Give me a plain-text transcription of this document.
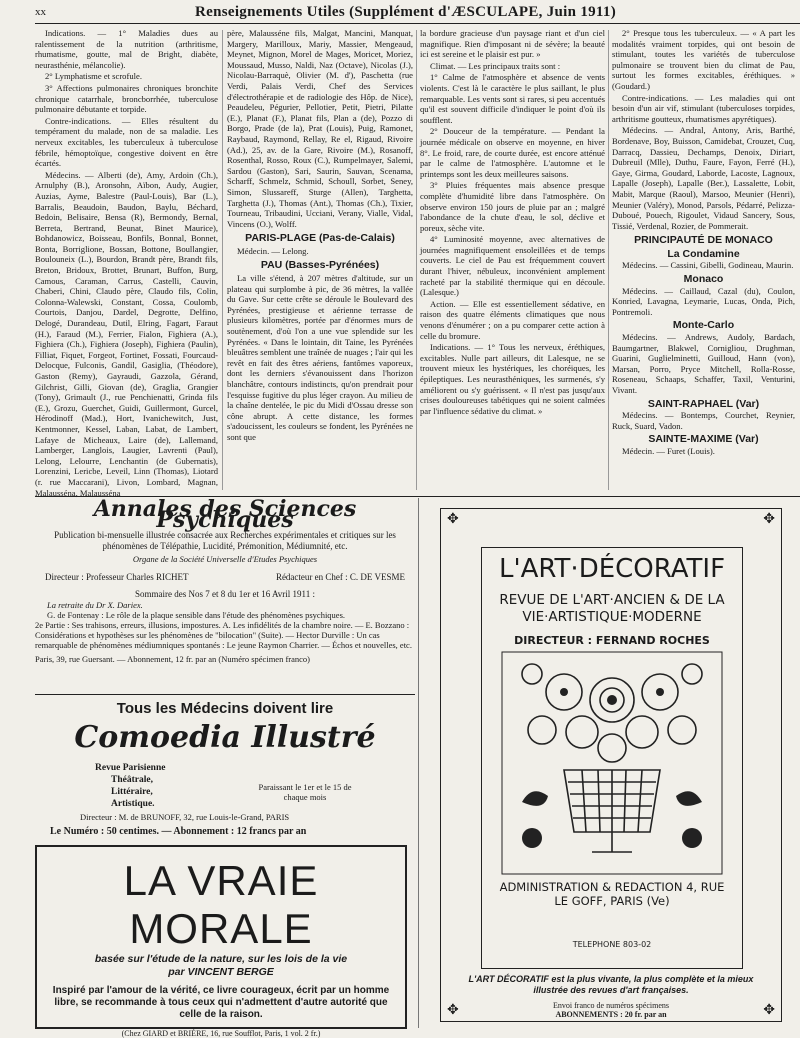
xx	Renseignements Utiles (Supplément d'ÆSCULAPE, Juin 1911)

Indications. — 1° Maladies dues au ralentissement de la nutrition (arthritisme, rhumatisme, goutte, mal de Bright, diabète, neurasthénie, mélancolie).

2° Lymphatisme et scrofule.

3° Affections pulmonaires chroniques bronchite chronique catarrhale, broncborrhée, tuberculose pulmonaire débutante et torpide.

Contre-indications. — Elles résultent du tempérament du malade, non de sa maladie. Les nerveux excitables, les tuberculeux à tuberculose fébrile, hémoptoïque, congestive doivent en être écartés.

Médecins. — Alberti (de), Amy, Ardoin (Ch.), Arnulphy (B.), Aronsohn, Aïbon, Audy, Augier, Auzias, Ayme, Balestre (Paul-Louis), Bar (L.), Barralis, Beaudoin, Baudon, Baylu, Béchard, Bedoin, Belisaire, Bensa (R), Bermondy, Bernal, Berreta, Bertrand, Beunat, Binet Maurice), Bohdanowicz, Boisseau, Bonfils, Bonnal, Bonnet, Bonta, Borriglione, Bossan, Bottone, Boullangier, Boulouneix (L.), Bourdon, Brandt père, Brandt fils, Breton, Bridoux, Brottet, Brunart, Buffon, Burg, Camous, Caraman, Carrus, Castelli, Cauvin, Chaberi, Chini, Claudo père, Claudo fils, Colin, Colonna-Walewski, Constant, Cossa, Coulomb, Courtois, Danjou, Dardel, Degrotte, Delfino, Delogé, Durandeau, Dutil, Elring, Fagart, Faraut (H.), Faraud (M.), Ferrier, Fialon, Fighiera (A.), Fighiera (Ch.), Fighiera (Joseph), Fighiera (Paulin), Filliat, Fiquet, Forgeot, Fortinet, Fossati, Fourcaud-Delocque, Fulconis, Gandil, Gasiglia, (Théodore), Gaston (Remy), Gayraudi, Gazzola, Gérand, Gilchrist, Gilli, Giovan (de), Graglia, Grangier (Tony), Grimault (J., rue Penchienatti, Grinda fils (E.), Grozu, Guerchet, Guidi, Guillermont, Gurcel, Hérodinoff (Mad.), Hort, Ivanichewitch, Just, Kentmonner, Kessel, Laban, Labat, de Lambert, Lafaye de Micheaux, Laire (de), Lallemand, Lamberger, Langlois, Laugier, Lavrenti (Paul), Lelong, Lelourre, Lenchantin (de Gubernatis), Lorenzini, Lericbe, Leveil, Linn (Thomas), Liotard (r. rue Maccarani), Livon, Lombard, Magnan, Malausséna, Malausséna

père, Malausséne fils, Malgat, Mancini, Manquat, Margery, Marilloux, Mariy, Massier, Mengeaud, Meynet, Mignon, Morel de Mages, Moricet, Moriez, Moussaud, Musso, Naldi, Naz (Octave), Nicolas (J.), Nicolau-Barraquè, Olivier (M. d'), Paschetta (rue Verdi, Palais Verdi, Chef des Services d'électrothérapie et de radiologie des Hôp. de Nice), Peaudeleu, Pégurier, Pellotier, Petit, Pietri, Pilatte (E.), Planat (F.), Planat fils, Plan a (de), Pozzo di Borgo, Prade (de la), Prat (Louis), Puig, Ramonet, Raybaud, Raymond, Rellay, Re el, Rigaud, Rivoire (Ad.), 25, av. de la Gare, Rivoire (M.), Rosanoff, Rosenthal, Rosso, Roux (C.), Rumpelmayer, Salemi, Sardou (Gaston), Sari, Saurin, Sauvan, Scenama, Scharff, Schmelz, Schmid, Schoull, Sorbet, Seney, Simon, Slussareff, Sturge (Allen), Targhetta, Targhetta (J.), Thomas (Ant.), Thomas (Ch.), Tixier, Tourneau, Tribaudini, Ucciani, Verany, Vialle, Vidal, Vincens (O.), Wolff.

PARIS-PLAGE (Pas-de-Calais)

Médecin. — Lelong.

PAU (Basses-Pyrénées)

La ville s'étend, à 207 mètres d'altitude, sur un plateau qui surplombe à pic, de 36 mètres, la vallée du Gave. Sur cette crête se déroule le Boulevard des Pyrénées, prestigieuse et aérienne terrasse de plusieurs kilomètres, portée par d'énormes murs de soutènement, d'où l'on a une vue splendide sur les Pyrénées. « Dans le lointain, dit Taine, les Pyrénées bleuâtres semblent une traînée de nuages ; l'air qui les revêt en fait des êtres aériens, fantômes vaporeux, dont les derniers s'évanouissent dans l'horizon blanchâtre, contours indistincts, qu'on prendrait pour l'esquisse fugitive du plus léger crayon. Au milieu de la chaîne dentelée, le pic du Midi d'Ossau dresse son cône abrupt. A cette distance, les formes s'adoucissent, les couleurs se fondent, les Pyrénées ne sont que

la bordure gracieuse d'un paysage riant et d'un ciel magnifique. Rien d'imposant ni de sévère; la beauté ici est sereine et le plaisir est pur. »

Climat. — Les principaux traits sont :

1° Calme de l'atmosphère et absence de vents violents. C'est là le caractère le plus saillant, le plus remarquable. Les vents sont si rares, si peu accentués qu'il est souvent difficile d'indiquer le point d'où ils soufflent.

2° Douceur de la température. — Pendant la journée médicale on observe en moyenne, en hiver 8°. Le froid, rare, de courte durée, est encore atténué par le calme de l'atmosphère. L'automne et le printemps sont les deux meilleures saisons.

3° Pluies fréquentes mais absence presque complète d'humidité libre dans l'atmosphère. On observe environ 150 jours de pluie par an ; malgré l'abondance de la chute d'eau, le sol, déclive et poreux, sèche vite.

4° Luminosité moyenne, avec alternatives de journées magnifiquement ensoleillées et de temps couverts. Le ciel de Pau est fréquemment couvert durant l'hiver, nébuleux, inconvénient amplement racheté par la stabilité thermique qui en découle. (Lalesque.)

Action. — Elle est essentiellement sédative, en raison des quatre éléments climatiques que nous venons d'énumérer ; on a pu comparer cette action à celle du bromure.

Indications. — 1° Tous les nerveux, éréthiques, excitables. Nulle part ailleurs, dit Lalesque, ne se trouvent mieux les hystériques, les choréiques, les épileptiques. Les neurasthéniques, les surmenés, s'y améliorent ou s'y guérissent. « Il n'est pas jusqu'aux crises douloureuses tabétiques qui ne soient calmées par l'influence sédative du climat. »

2° Presque tous les tuberculeux. — « A part les modalités vraiment torpides, qui ont besoin de stimulant, toutes les variétés de tuberculose pulmonaire se trouvent bien du climat de Pau, surtout les formes excitables, éréthiques. » (Goudard.)

Contre-indications. — Les maladies qui ont besoin d'un air vif, stimulant (tuberculoses torpides, arthritisme goutteux, rhumatismes apyrétiques).

Médecins. — Andral, Antony, Aris, Barthé, Bordenave, Boy, Buisson, Camidebat, Crouzet, Cuq, Darracq, Dassieu, Dechamps, Denoix, Diriart, Dubreuil (Mlle), Duthu, Faure, Fayon, Ferré (H.), Gaye, Girma, Goudard, Laborde, Lacoste, Lagnoux, Lapalle (Joseph), Lapalle (Ber.), Lassalette, Lobit, Mabit, Marque (Raoul), Marsoo, Meunier (Henri), Meunier (Valéry), Monod, Parsols, Pédarré, Pelizza-Duboué, Pouech, Rigoulet, Vidaud Sancery, Sous, Tissié, Verdenal, Rozier, de Pommerait.

PRINCIPAUTÉ DE MONACO
La Condamine

Médecins. — Cassini, Gibelli, Godineau, Maurin.

Monaco

Médecins. — Caillaud, Cazal (du), Coulon, Konried, Lavagna, Leymarie, Lucas, Onda, Pich, Pontremoli.

Monte-Carlo

Médecins. — Andrews, Audoly, Bardach, Baumgartner, Blakwel, Cornigliou, Drughman, Guarini, Guglielminetti, Guilloud, Hann (von), Marsan, Porro, Pryce Mitchell, Rolla-Rosse, Roseneau, Schaaps, Schaffer, Taxil, Venturini, Vivant.

SAINT-RAPHAEL (Var)

Médecins. — Bontemps, Courchet, Reynier, Ruck, Suard, Vadon.

SAINTE-MAXIME (Var)

Médecin. — Furet (Louis).

Annales des Sciences Psychiques
Publication bi-mensuelle illustrée consacrée aux Recherches expérimentales et critiques sur les phénomènes de Télépathie, Lucidité, Prémonition, Médiumnité, etc.
Organe de la Société Universelle d'Etudes Psychiques
Directeur : Professeur Charles RICHET	Rédacteur en Chef : C. DE VESME
Sommaire des Nos 7 et 8 du 1er et 16 Avril 1911 :
La retraite du Dr X. Dariex.
G. de Fontenay : Le rôle de la plaque sensible dans l'étude des phénomènes psychiques.
2e Partie : Ses trahisons, erreurs, illusions, impostures. A. Les infidélités de la chambre noire. — E. Bozzano : Considérations et hypothèses sur les phénomènes de "bilocation" (Suite). — Hector Durville : Un cas remarquable de phénomènes médiumniques spontanés : Le jeune Raymon Charrier. — Échos et nouvelles, etc.
Paris, 39, rue Guersant. — Abonnement, 12 fr. par an (Numéro spécimen franco)
Tous les Médecins doivent lire
Comoedia Illustré
Revue Parisienne
Théâtrale,
Littéraire,
Artistique.
Paraissant le 1er et le 15 de chaque mois
Directeur : M. de BRUNOFF, 32, rue Louis-le-Grand, PARIS
Le Numéro : 50 centimes. — Abonnement : 12 francs par an
LA VRAIE MORALE
basée sur l'étude de la nature, sur les lois de la vie
par VINCENT BERGE
Inspiré par l'amour de la vérité, ce livre courageux, écrit par un homme libre, se recommande à tous ceux qui n'admettent d'autre autorité que celle de la raison.
(Chez GIARD et BRIÈRE, 16, rue Soufflot, Paris, 1 vol. 2 fr.)
✥	✥
✥	✥
L'ART·DÉCORATIF
REVUE DE L'ART·ANCIEN & DE LA VIE·ARTISTIQUE·MODERNE
DIRECTEUR : FERNAND ROCHES
ADMINISTRATION & REDACTION 4, RUE LE GOFF, PARIS (Ve)
TELEPHONE 803-02
L'ART DÉCORATIF est la plus vivante, la plus complète et la mieux illustrée des revues d'art françaises.
Envoi franco de numéros spécimens
ABONNEMENTS : 20 fr. par an
